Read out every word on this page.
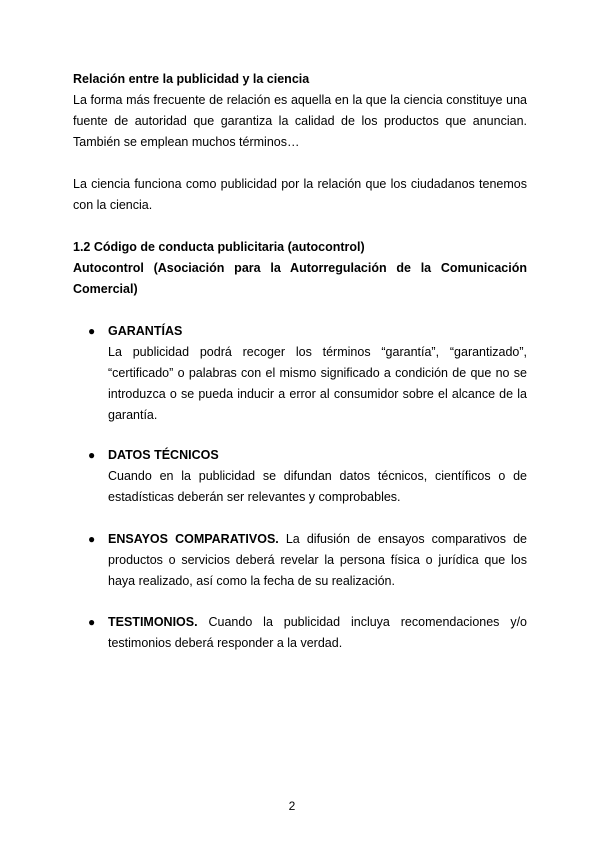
Relación entre la publicidad y la ciencia
La forma más frecuente de relación es aquella en la que la ciencia constituye una fuente de autoridad que garantiza la calidad de los productos que anuncian. También se emplean muchos términos…
La ciencia funciona como publicidad por la relación que los ciudadanos tenemos con la ciencia.
1.2 Código de conducta publicitaria (autocontrol)
Autocontrol (Asociación para la Autorregulación de la Comunicación Comercial)
●	GARANTÍAS
La publicidad podrá recoger los términos “garantía”, “garantizado”, “certificado” o palabras con el mismo significado a condición de que no se introduzca o se pueda inducir a error al consumidor sobre el alcance de la garantía.
●	DATOS TÉCNICOS
Cuando en la publicidad se difundan datos técnicos, científicos o de estadísticas deberán ser relevantes y comprobables.
●	ENSAYOS COMPARATIVOS. La difusión de ensayos comparativos de productos o servicios deberá revelar la persona física o jurídica que los haya realizado, así como la fecha de su realización.
●	TESTIMONIOS. Cuando la publicidad incluya recomendaciones y/o testimonios deberá responder a la verdad.
2
